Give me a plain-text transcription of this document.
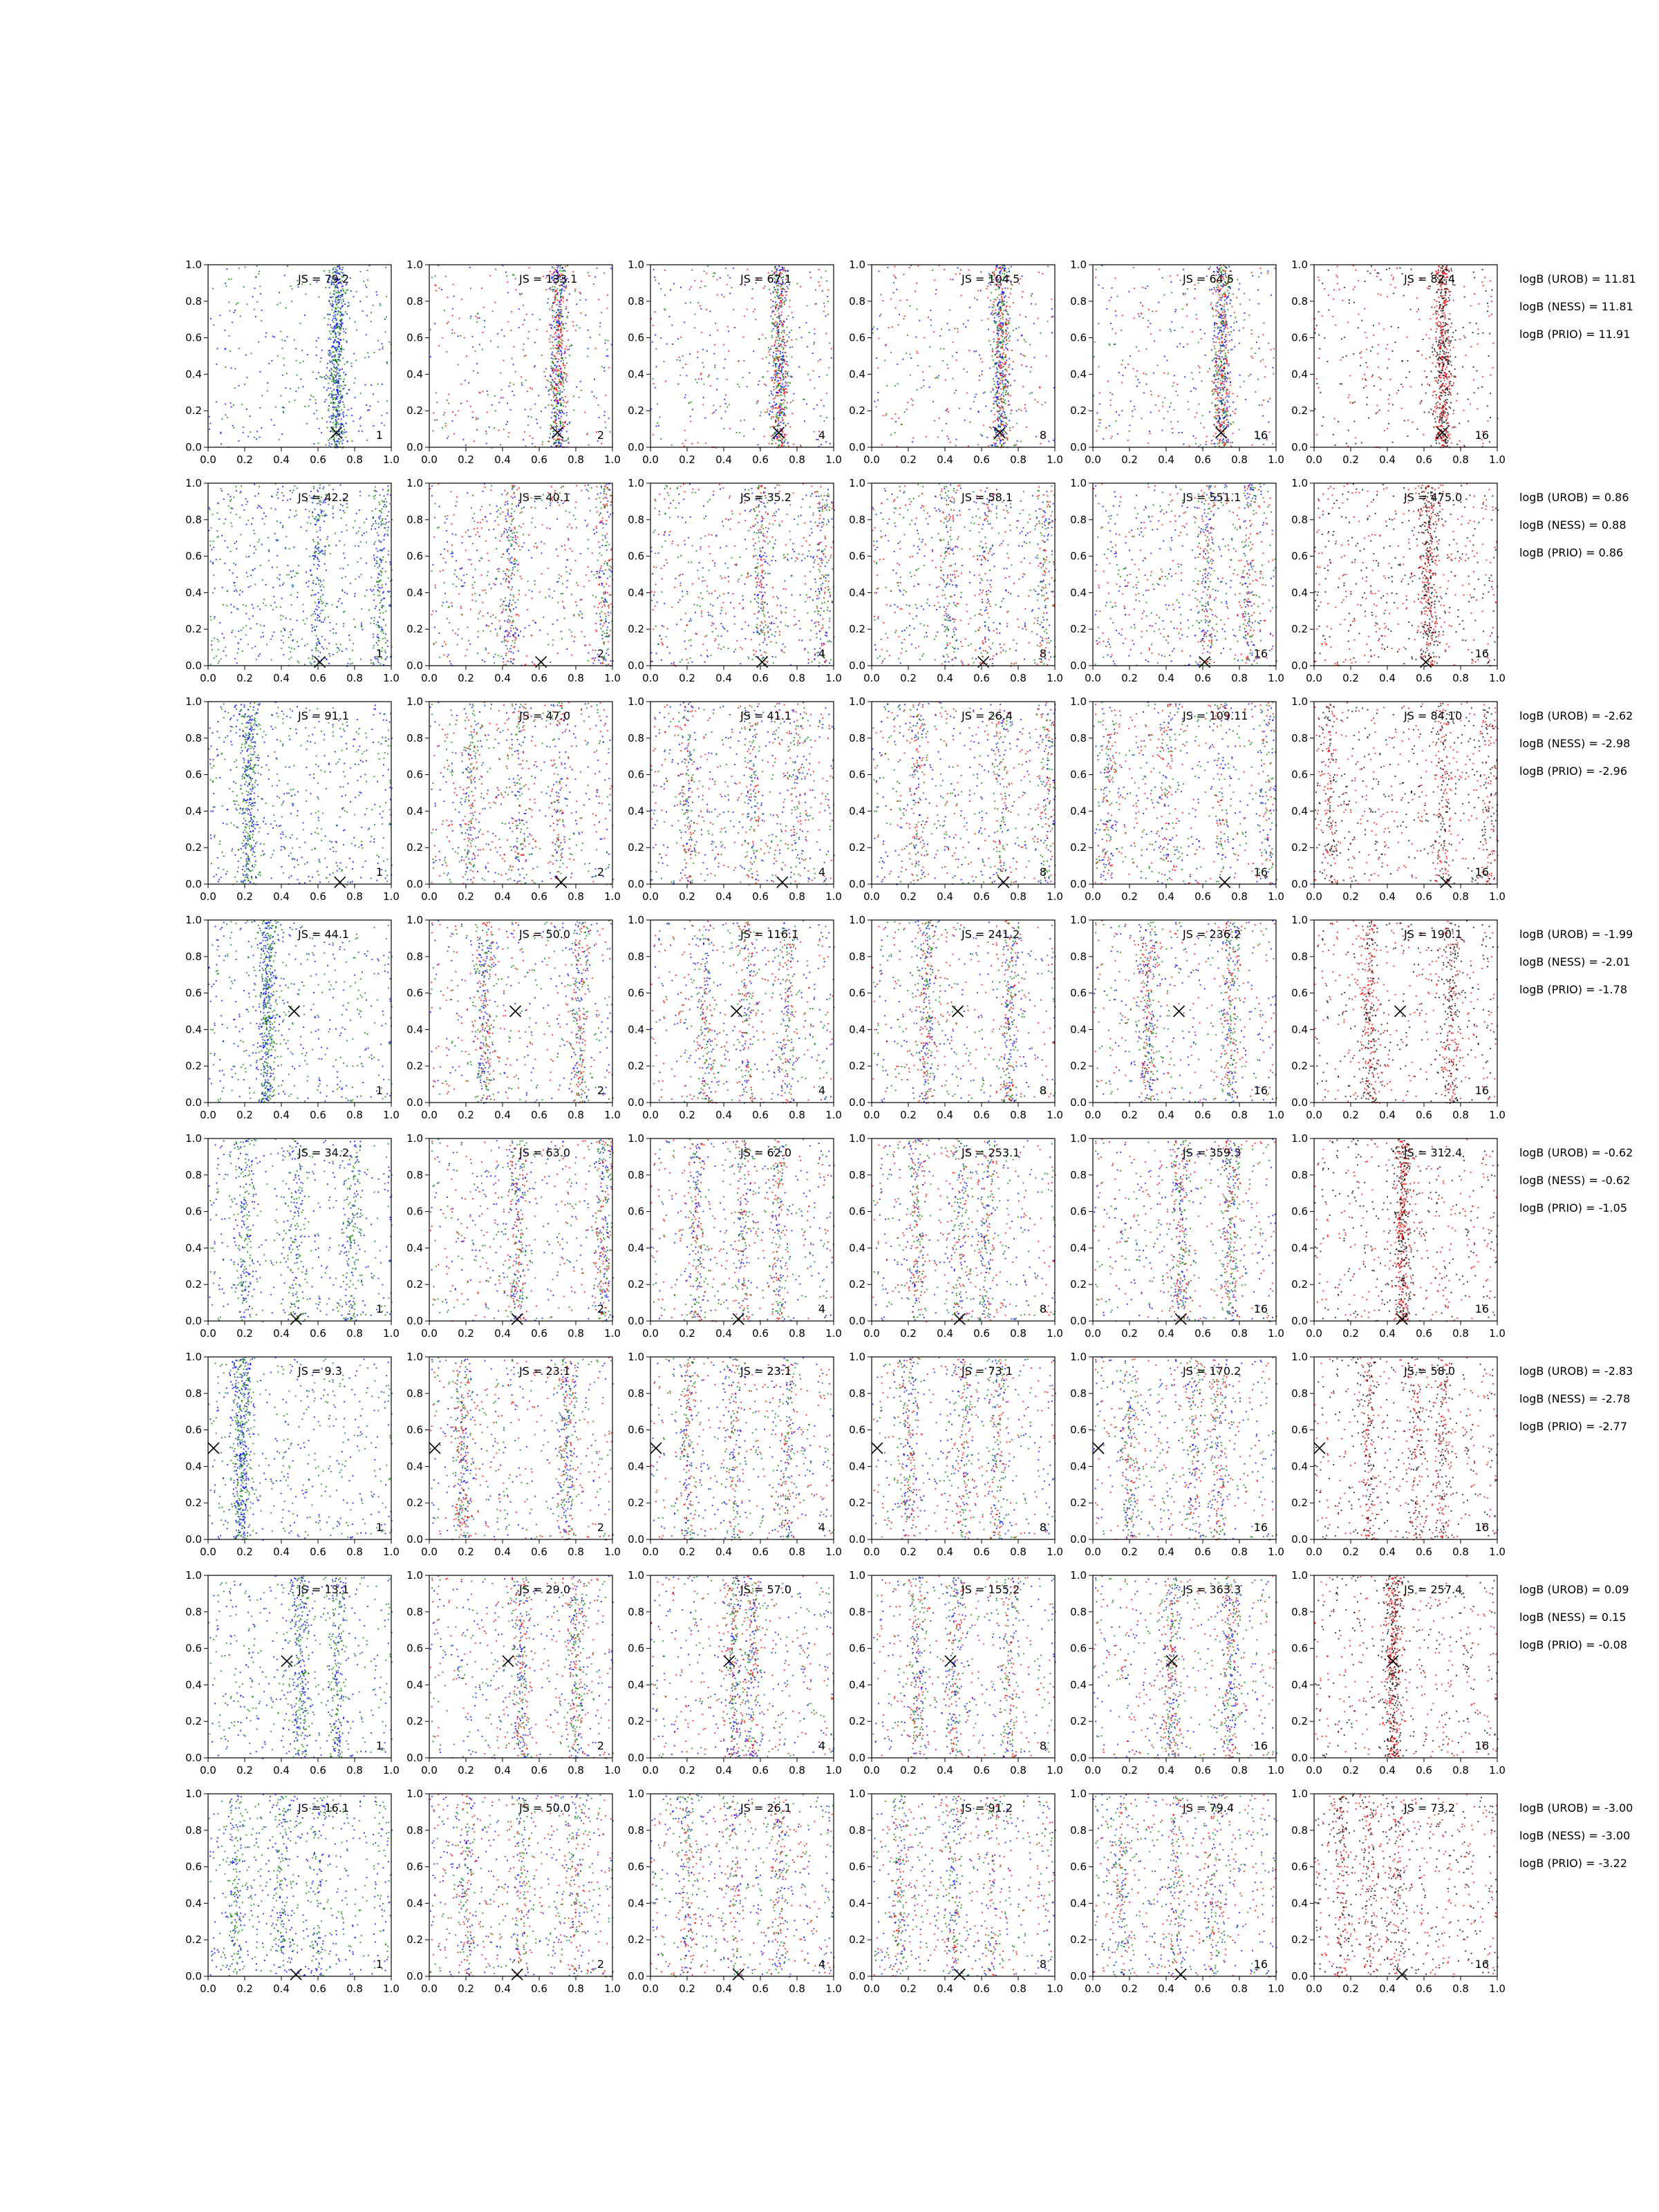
0.0 0.2 0.4 0.6 0.8 1.0
0.0
0.2
0.4
0.6
0.8
1.0
JS = 79.2
1
0.0 0.2 0.4 0.6 0.8 1.0
0.0
0.2
0.4
0.6
0.8
1.0
JS = 133.1
2
0.0 0.2 0.4 0.6 0.8 1.0
0.0
0.2
0.4
0.6
0.8
1.0
JS = 67.1
4
0.0 0.2 0.4 0.6 0.8 1.0
0.0
0.2
0.4
0.6
0.8
1.0
JS = 104.5
8
0.0 0.2 0.4 0.6 0.8 1.0
0.0
0.2
0.4
0.6
0.8
1.0
JS = 64.5
16
0.0 0.2 0.4 0.6 0.8 1.0
0.0
0.2
0.4
0.6
0.8
1.0
JS = 82.4
16
logB (UROB) = 11.81
logB (NESS) = 11.81
logB (PRIO) = 11.91
0.0 0.2 0.4 0.6 0.8 1.0
0.0
0.2
0.4
0.6
0.8
1.0
JS = 42.2
1
0.0 0.2 0.4 0.6 0.8 1.0
0.0
0.2
0.4
0.6
0.8
1.0
JS = 40.1
2
0.0 0.2 0.4 0.6 0.8 1.0
0.0
0.2
0.4
0.6
0.8
1.0
JS = 35.2
4
0.0 0.2 0.4 0.6 0.8 1.0
0.0
0.2
0.4
0.6
0.8
1.0
JS = 58.1
8
0.0 0.2 0.4 0.6 0.8 1.0
0.0
0.2
0.4
0.6
0.8
1.0
JS = 551.1
16
0.0 0.2 0.4 0.6 0.8 1.0
0.0
0.2
0.4
0.6
0.8
1.0
JS = 475.0
16
logB (UROB) = 0.86
logB (NESS) = 0.88
logB (PRIO) = 0.86
0.0 0.2 0.4 0.6 0.8 1.0
0.0
0.2
0.4
0.6
0.8
1.0
JS = 91.1
1
0.0 0.2 0.4 0.6 0.8 1.0
0.0
0.2
0.4
0.6
0.8
1.0
JS = 47.0
2
0.0 0.2 0.4 0.6 0.8 1.0
0.0
0.2
0.4
0.6
0.8
1.0
JS = 41.1
4
0.0 0.2 0.4 0.6 0.8 1.0
0.0
0.2
0.4
0.6
0.8
1.0
JS = 26.4
8
0.0 0.2 0.4 0.6 0.8 1.0
0.0
0.2
0.4
0.6
0.8
1.0
JS = 109.11
16
0.0 0.2 0.4 0.6 0.8 1.0
0.0
0.2
0.4
0.6
0.8
1.0
JS = 84.10
16
logB (UROB) = -2.62
logB (NESS) = -2.98
logB (PRIO) = -2.96
0.0 0.2 0.4 0.6 0.8 1.0
0.0
0.2
0.4
0.6
0.8
1.0
JS = 44.1
1
0.0 0.2 0.4 0.6 0.8 1.0
0.0
0.2
0.4
0.6
0.8
1.0
JS = 50.0
2
0.0 0.2 0.4 0.6 0.8 1.0
0.0
0.2
0.4
0.6
0.8
1.0
JS = 116.1
4
0.0 0.2 0.4 0.6 0.8 1.0
0.0
0.2
0.4
0.6
0.8
1.0
JS = 241.2
8
0.0 0.2 0.4 0.6 0.8 1.0
0.0
0.2
0.4
0.6
0.8
1.0
JS = 236.2
16
0.0 0.2 0.4 0.6 0.8 1.0
0.0
0.2
0.4
0.6
0.8
1.0
JS = 190.1
16
logB (UROB) = -1.99
logB (NESS) = -2.01
logB (PRIO) = -1.78
0.0 0.2 0.4 0.6 0.8 1.0
0.0
0.2
0.4
0.6
0.8
1.0
JS = 34.2
1
0.0 0.2 0.4 0.6 0.8 1.0
0.0
0.2
0.4
0.6
0.8
1.0
JS = 63.0
2
0.0 0.2 0.4 0.6 0.8 1.0
0.0
0.2
0.4
0.6
0.8
1.0
JS = 62.0
4
0.0 0.2 0.4 0.6 0.8 1.0
0.0
0.2
0.4
0.6
0.8
1.0
JS = 253.1
8
0.0 0.2 0.4 0.6 0.8 1.0
0.0
0.2
0.4
0.6
0.8
1.0
JS = 359.3
16
0.0 0.2 0.4 0.6 0.8 1.0
0.0
0.2
0.4
0.6
0.8
1.0
JS = 312.4
16
logB (UROB) = -0.62
logB (NESS) = -0.62
logB (PRIO) = -1.05
0.0 0.2 0.4 0.6 0.8 1.0
0.0
0.2
0.4
0.6
0.8
1.0
JS = 9.3
1
0.0 0.2 0.4 0.6 0.8 1.0
0.0
0.2
0.4
0.6
0.8
1.0
JS = 23.1
2
0.0 0.2 0.4 0.6 0.8 1.0
0.0
0.2
0.4
0.6
0.8
1.0
JS = 23.1
4
0.0 0.2 0.4 0.6 0.8 1.0
0.0
0.2
0.4
0.6
0.8
1.0
JS = 73.1
8
0.0 0.2 0.4 0.6 0.8 1.0
0.0
0.2
0.4
0.6
0.8
1.0
JS = 170.2
16
0.0 0.2 0.4 0.6 0.8 1.0
0.0
0.2
0.4
0.6
0.8
1.0
JS = 58.0
16
logB (UROB) = -2.83
logB (NESS) = -2.78
logB (PRIO) = -2.77
0.0 0.2 0.4 0.6 0.8 1.0
0.0
0.2
0.4
0.6
0.8
1.0
JS = 13.1
1
0.0 0.2 0.4 0.6 0.8 1.0
0.0
0.2
0.4
0.6
0.8
1.0
JS = 29.0
2
0.0 0.2 0.4 0.6 0.8 1.0
0.0
0.2
0.4
0.6
0.8
1.0
JS = 57.0
4
0.0 0.2 0.4 0.6 0.8 1.0
0.0
0.2
0.4
0.6
0.8
1.0
JS = 155.2
8
0.0 0.2 0.4 0.6 0.8 1.0
0.0
0.2
0.4
0.6
0.8
1.0
JS = 363.3
16
0.0 0.2 0.4 0.6 0.8 1.0
0.0
0.2
0.4
0.6
0.8
1.0
JS = 257.4
16
logB (UROB) = 0.09
logB (NESS) = 0.15
logB (PRIO) = -0.08
0.0 0.2 0.4 0.6 0.8 1.0
0.0
0.2
0.4
0.6
0.8
1.0
JS = 16.1
1
0.0 0.2 0.4 0.6 0.8 1.0
0.0
0.2
0.4
0.6
0.8
1.0
JS = 50.0
2
0.0 0.2 0.4 0.6 0.8 1.0
0.0
0.2
0.4
0.6
0.8
1.0
JS = 26.1
4
0.0 0.2 0.4 0.6 0.8 1.0
0.0
0.2
0.4
0.6
0.8
1.0
JS = 91.2
8
0.0 0.2 0.4 0.6 0.8 1.0
0.0
0.2
0.4
0.6
0.8
1.0
JS = 79.4
16
0.0 0.2 0.4 0.6 0.8 1.0
0.0
0.2
0.4
0.6
0.8
1.0
JS = 73.2
16
logB (UROB) = -3.00
logB (NESS) = -3.00
logB (PRIO) = -3.22
